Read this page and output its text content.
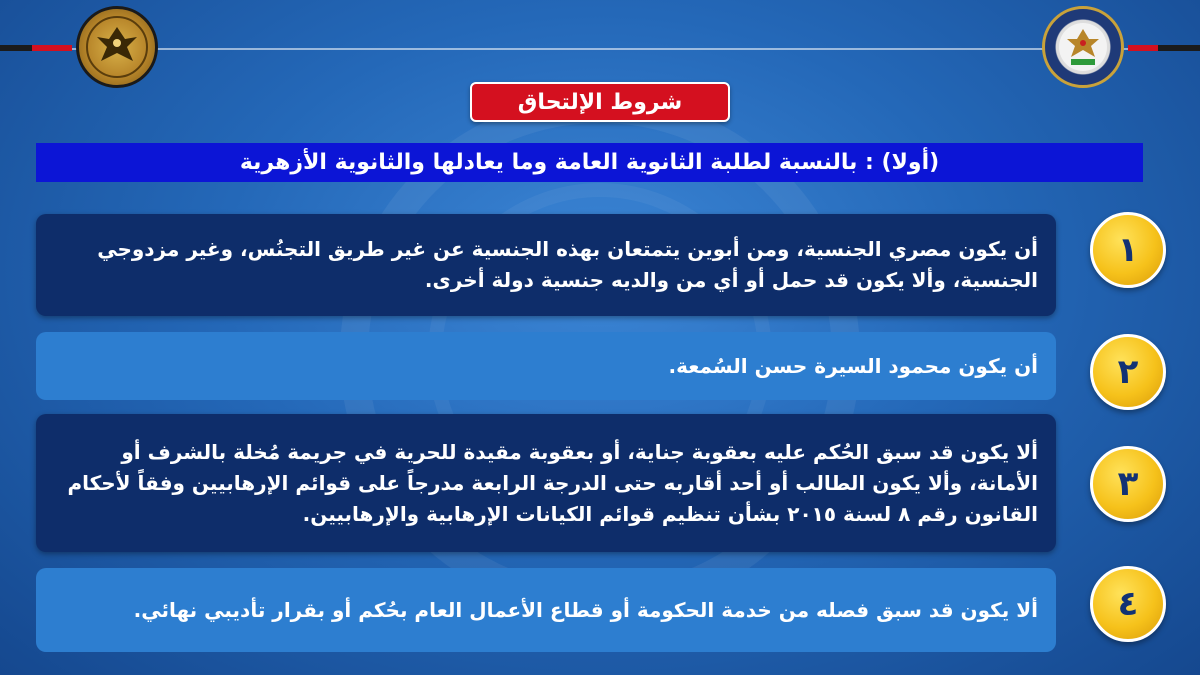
شروط الإلتحاق
(أولا) : بالنسبة لطلبة الثانوية العامة وما يعادلها والثانوية الأزهرية
أن يكون مصري الجنسية، ومن أبوين يتمتعان بهذه الجنسية عن غير طريق التجنُس، وغير مزدوجي الجنسية، وألا يكون قد حمل أو أي من والديه جنسية دولة أخرى.
١
أن يكون محمود السيرة حسن السُمعة.	٢
ألا يكون قد سبق الحُكم عليه بعقوبة جناية، أو بعقوبة مقيدة للحرية في جريمة مُخلة بالشرف أو الأمانة، وألا يكون الطالب أو أحد أقاربه حتى الدرجة الرابعة مدرجاً على قوائم الإرهابيين وفقاً لأحكام القانون رقم ٨ لسنة ٢٠١٥ بشأن تنظيم قوائم الكيانات الإرهابية والإرهابيين.
٣
ألا يكون قد سبق فصله من خدمة الحكومة أو قطاع الأعمال العام بحُكم أو بقرار تأديبي نهائي.	٤
